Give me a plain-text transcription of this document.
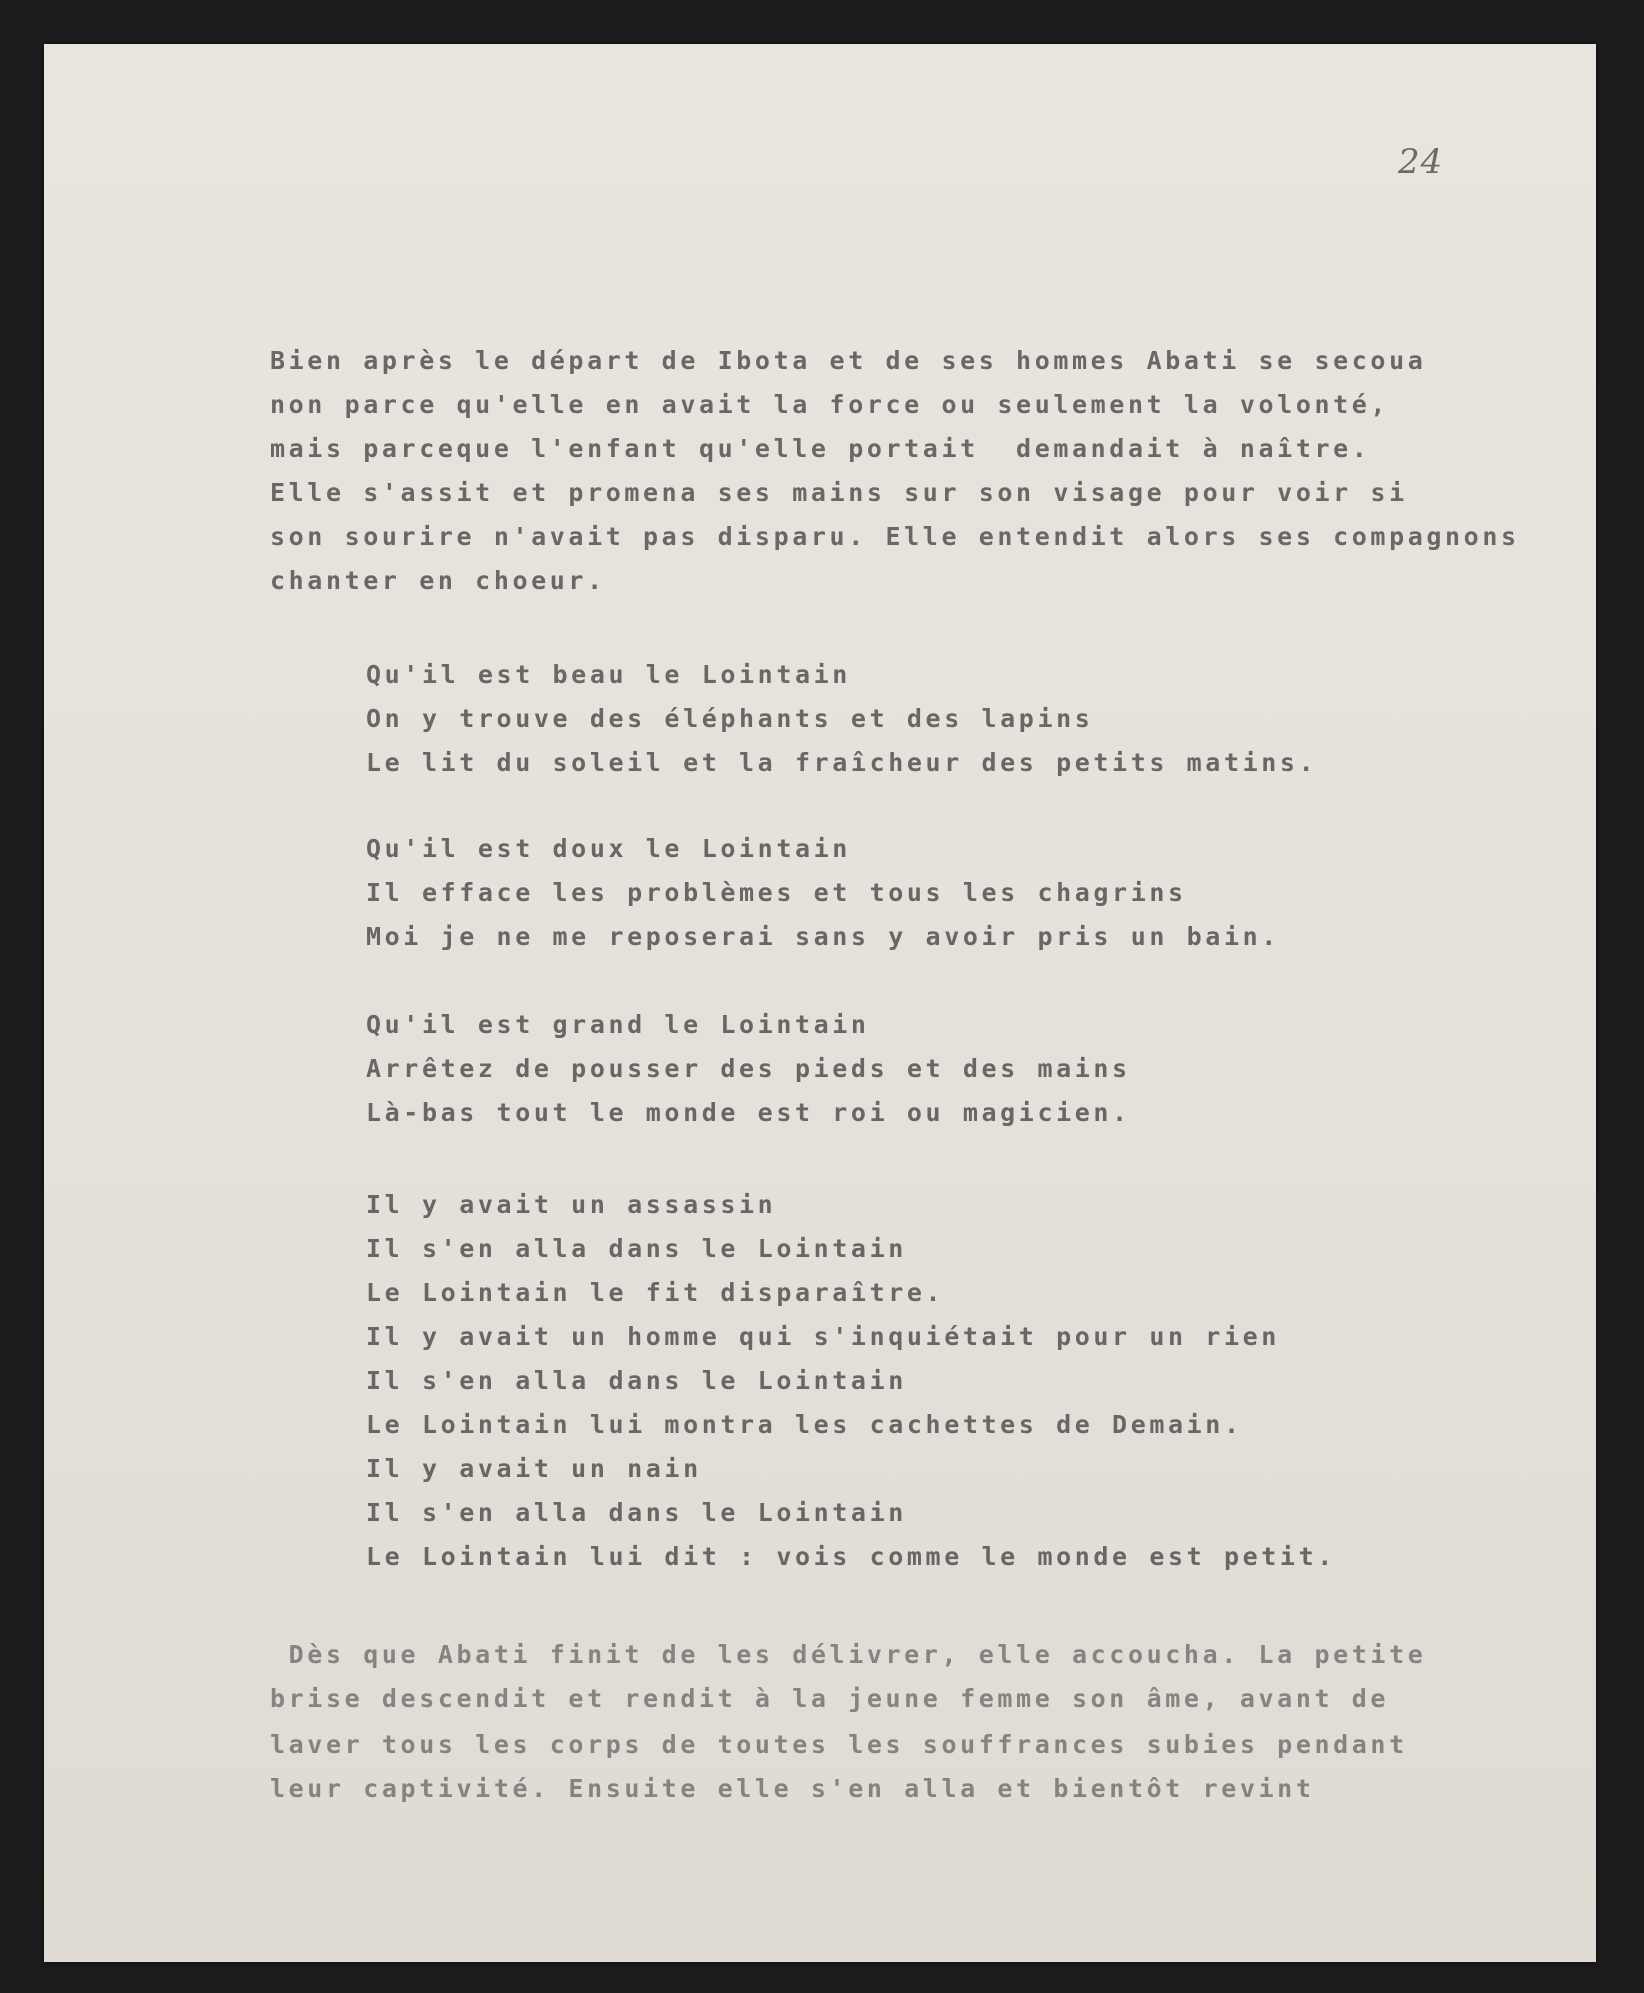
24

Bien après le départ de Ibota et de ses hommes Abati se secoua

non parce qu'elle en avait la force ou seulement la volonté,

mais parceque l'enfant qu'elle portait  demandait à naître.

Elle s'assit et promena ses mains sur son visage pour voir si

son sourire n'avait pas disparu. Elle entendit alors ses compagnons

chanter en choeur.

Qu'il est beau le Lointain

On y trouve des éléphants et des lapins

Le lit du soleil et la fraîcheur des petits matins.

Qu'il est doux le Lointain

Il efface les problèmes et tous les chagrins

Moi je ne me reposerai sans y avoir pris un bain.

Qu'il est grand le Lointain

Arrêtez de pousser des pieds et des mains

Là-bas tout le monde est roi ou magicien.

Il y avait un assassin

Il s'en alla dans le Lointain

Le Lointain le fit disparaître.

Il y avait un homme qui s'inquiétait pour un rien

Il s'en alla dans le Lointain

Le Lointain lui montra les cachettes de Demain.

Il y avait un nain

Il s'en alla dans le Lointain

Le Lointain lui dit : vois comme le monde est petit.

Dès que Abati finit de les délivrer, elle accoucha. La petite

brise descendit et rendit à la jeune femme son âme, avant de

laver tous les corps de toutes les souffrances subies pendant

leur captivité. Ensuite elle s'en alla et bientôt revint
